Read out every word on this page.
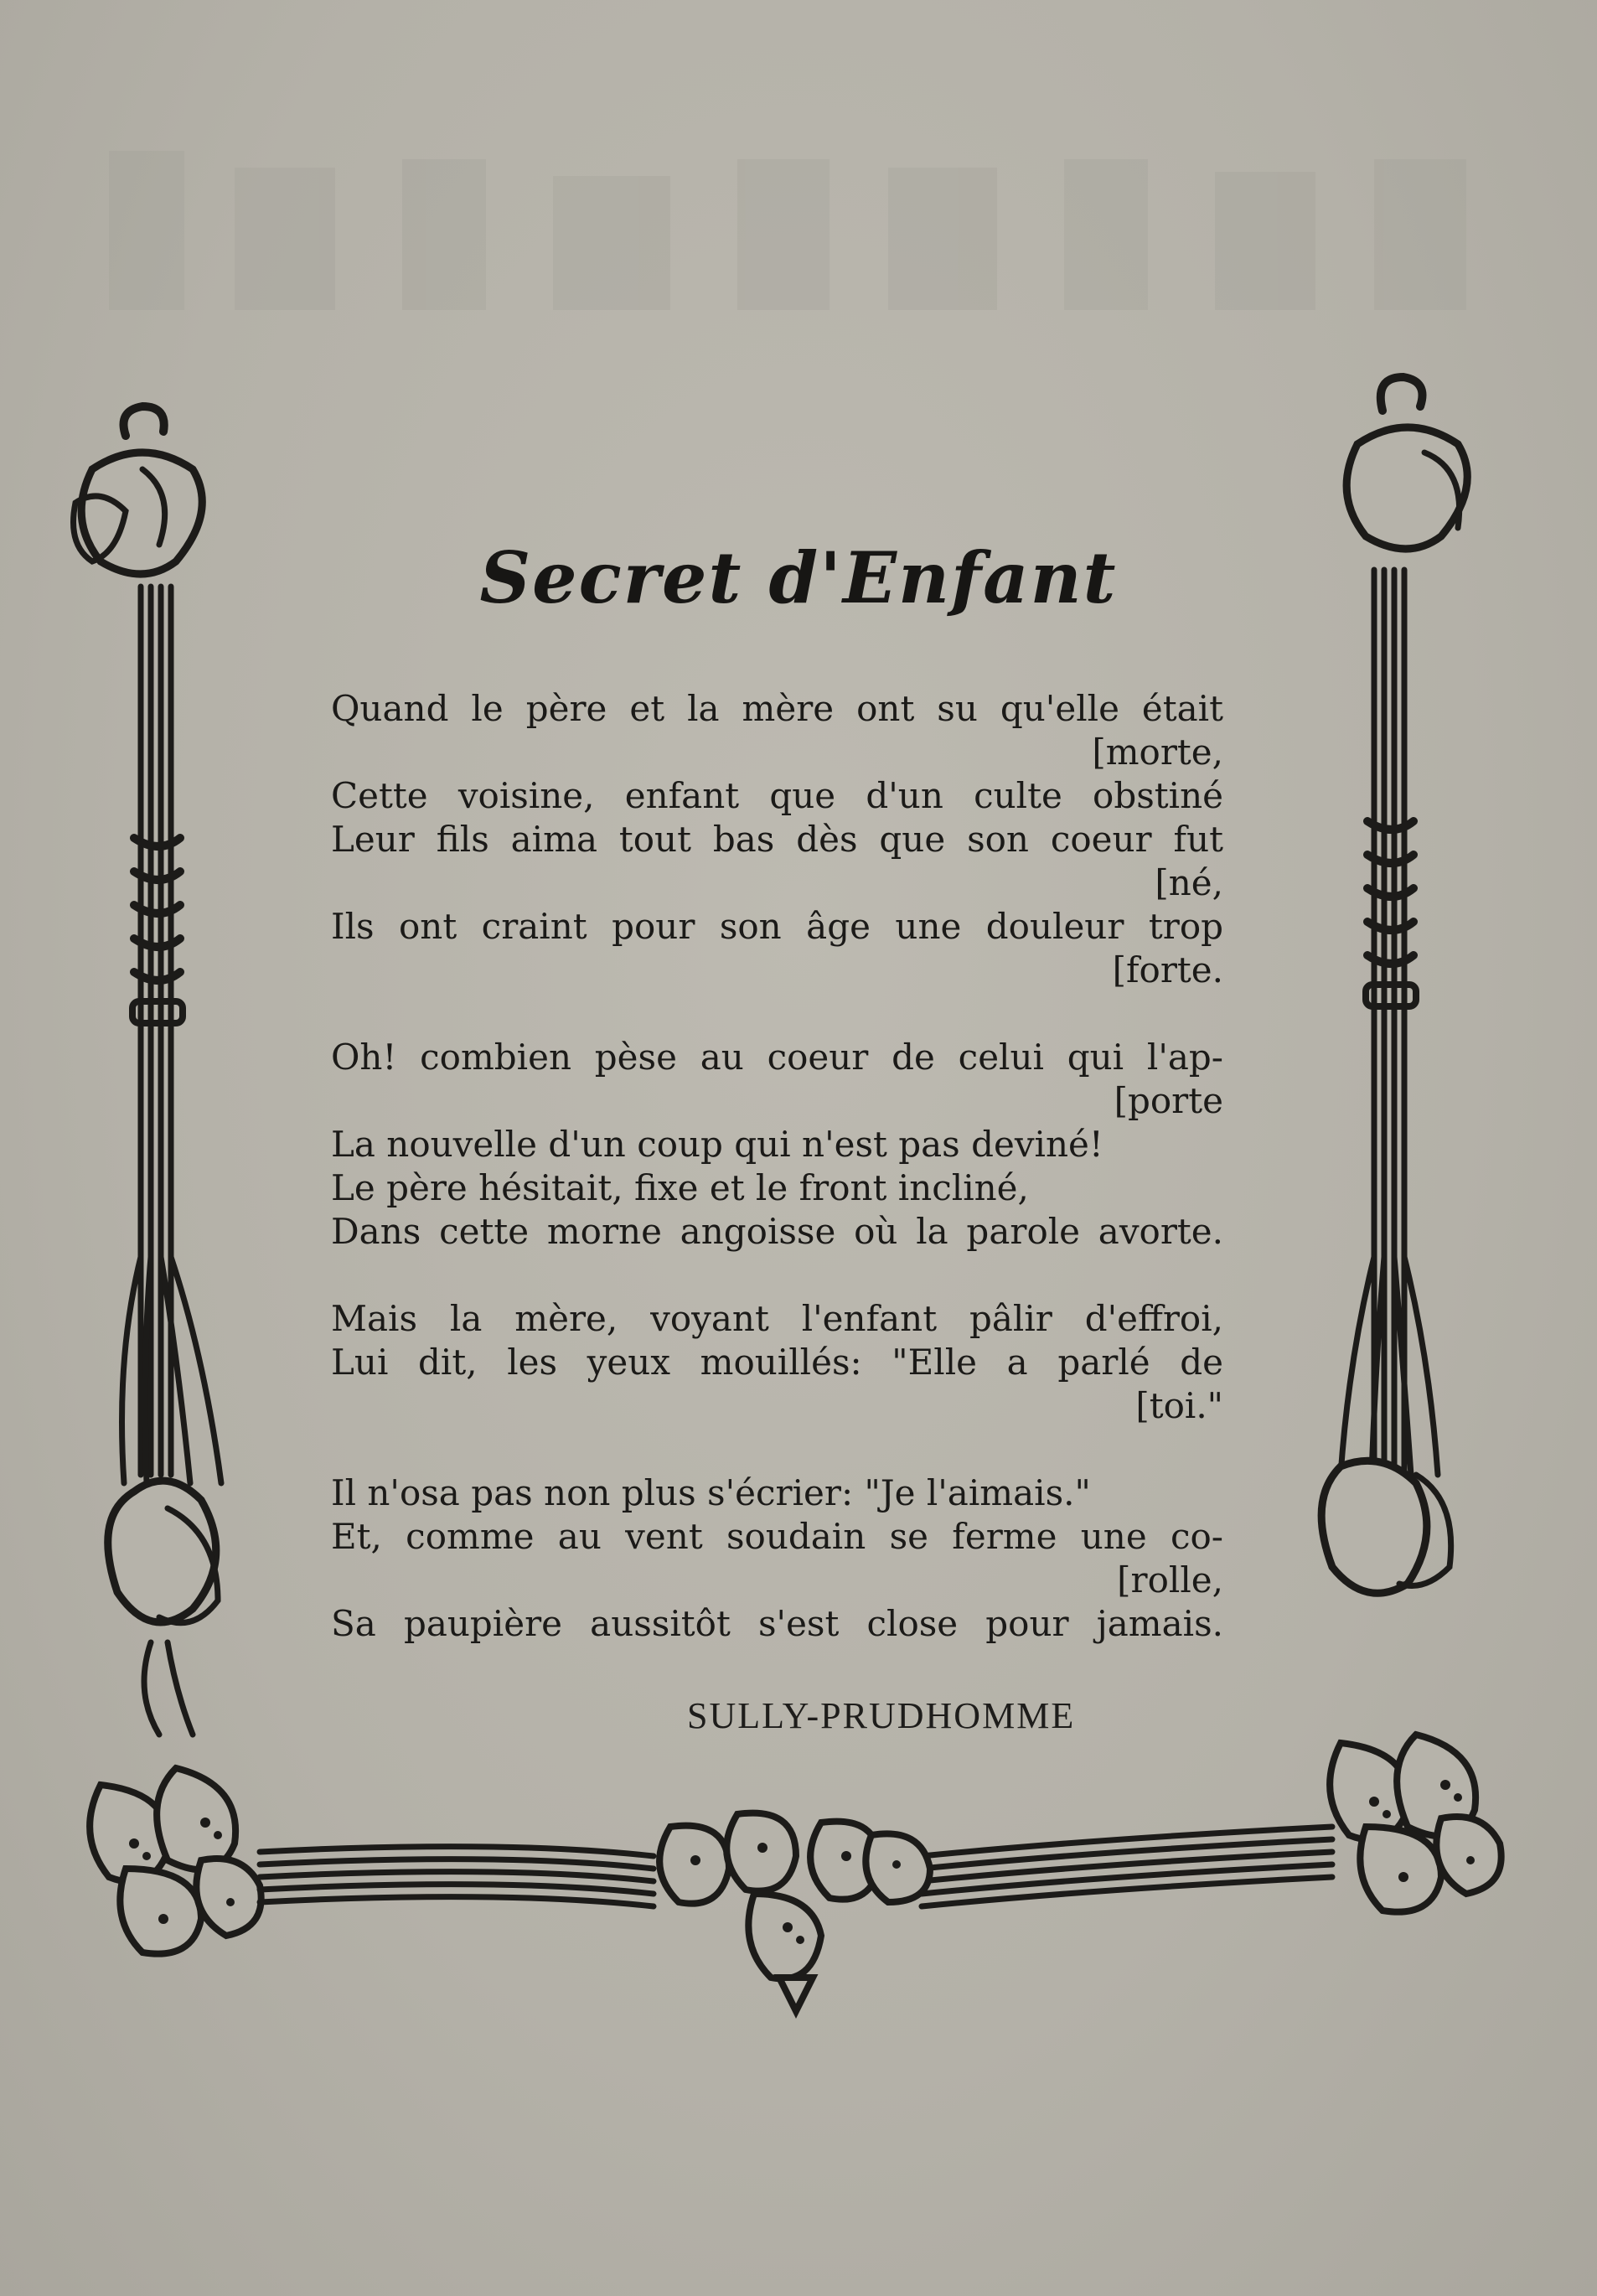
Secret d'Enfant
Quand le père et la mère ont su qu'elle était
[morte,
Cette voisine, enfant que d'un culte obstiné
Leur fils aima tout bas dès que son coeur fut
[né,
Ils ont craint pour son âge une douleur trop
[forte.
Oh! combien pèse au coeur de celui qui l'ap-
[porte
La nouvelle d'un coup qui n'est pas deviné!
Le père hésitait, fixe et le front incliné,
Dans cette morne angoisse où la parole avorte.
Mais la mère, voyant l'enfant pâlir d'effroi,
Lui dit, les yeux mouillés: "Elle a parlé de
[toi."
Il n'osa pas non plus s'écrier: "Je l'aimais."
Et, comme au vent soudain se ferme une co-
[rolle,
Sa paupière aussitôt s'est close pour jamais.
SULLY-PRUDHOMME
